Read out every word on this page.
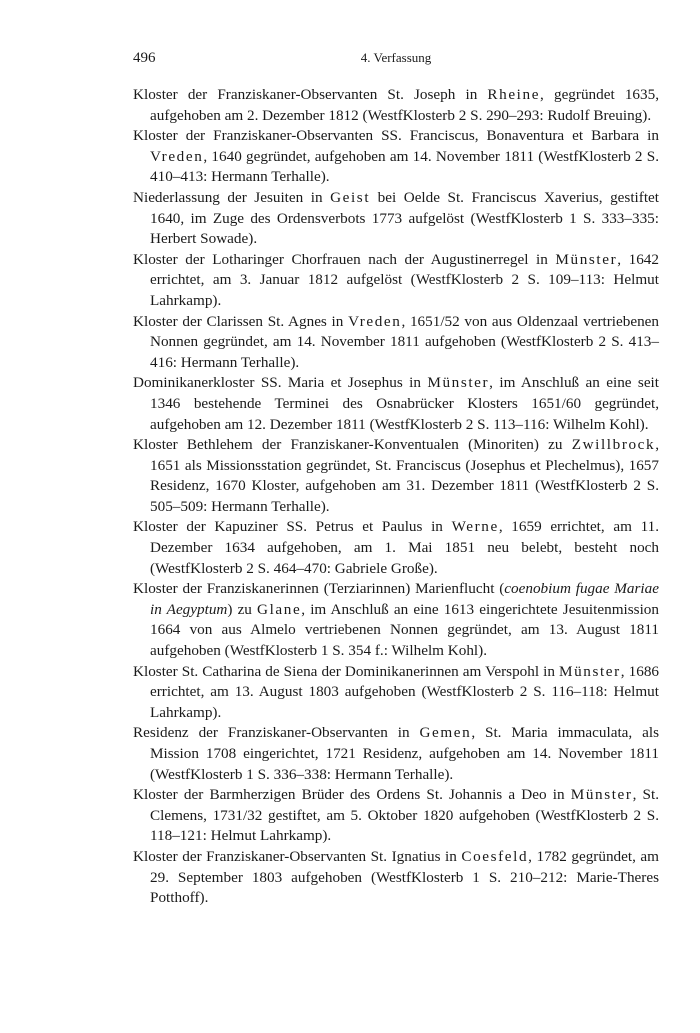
496	4. Verfassung

Kloster der Franziskaner-Observanten St. Joseph in Rheine, gegründet 1635, aufgehoben am 2. Dezember 1812 (WestfKlosterb 2 S. 290–293: Rudolf Breuing).

Kloster der Franziskaner-Observanten SS. Franciscus, Bonaventura et Barbara in Vreden, 1640 gegründet, aufgehoben am 14. November 1811 (WestfKlosterb 2 S. 410–413: Hermann Terhalle).

Niederlassung der Jesuiten in Geist bei Oelde St. Franciscus Xaverius, gestiftet 1640, im Zuge des Ordensverbots 1773 aufgelöst (WestfKlosterb 1 S. 333–335: Herbert Sowade).

Kloster der Lotharinger Chorfrauen nach der Augustinerregel in Münster, 1642 errichtet, am 3. Januar 1812 aufgelöst (WestfKlosterb 2 S. 109–113: Helmut Lahrkamp).

Kloster der Clarissen St. Agnes in Vreden, 1651/52 von aus Oldenzaal vertriebenen Nonnen gegründet, am 14. November 1811 aufgehoben (WestfKlosterb 2 S. 413–416: Hermann Terhalle).

Dominikanerkloster SS. Maria et Josephus in Münster, im Anschluß an eine seit 1346 bestehende Terminei des Osnabrücker Klosters 1651/60 gegründet, aufgehoben am 12. Dezember 1811 (WestfKlosterb 2 S. 113–116: Wilhelm Kohl).

Kloster Bethlehem der Franziskaner-Konventualen (Minoriten) zu Zwillbrock, 1651 als Missionsstation gegründet, St. Franciscus (Josephus et Plechelmus), 1657 Residenz, 1670 Kloster, aufgehoben am 31. Dezember 1811 (WestfKlosterb 2 S. 505–509: Hermann Terhalle).

Kloster der Kapuziner SS. Petrus et Paulus in Werne, 1659 errichtet, am 11. Dezember 1634 aufgehoben, am 1. Mai 1851 neu belebt, besteht noch (WestfKlosterb 2 S. 464–470: Gabriele Große).

Kloster der Franziskanerinnen (Terziarinnen) Marienflucht (coenobium fugae Mariae in Aegyptum) zu Glane, im Anschluß an eine 1613 eingerichtete Jesuitenmission 1664 von aus Almelo vertriebenen Nonnen gegründet, am 13. August 1811 aufgehoben (WestfKlosterb 1 S. 354 f.: Wilhelm Kohl).

Kloster St. Catharina de Siena der Dominikanerinnen am Verspohl in Münster, 1686 errichtet, am 13. August 1803 aufgehoben (WestfKlosterb 2 S. 116–118: Helmut Lahrkamp).

Residenz der Franziskaner-Observanten in Gemen, St. Maria immaculata, als Mission 1708 eingerichtet, 1721 Residenz, aufgehoben am 14. November 1811 (WestfKlosterb 1 S. 336–338: Hermann Terhalle).

Kloster der Barmherzigen Brüder des Ordens St. Johannis a Deo in Münster, St. Clemens, 1731/32 gestiftet, am 5. Oktober 1820 aufgehoben (WestfKlosterb 2 S. 118–121: Helmut Lahrkamp).

Kloster der Franziskaner-Observanten St. Ignatius in Coesfeld, 1782 gegründet, am 29. September 1803 aufgehoben (WestfKlosterb 1 S. 210–212: Marie-Theres Potthoff).
